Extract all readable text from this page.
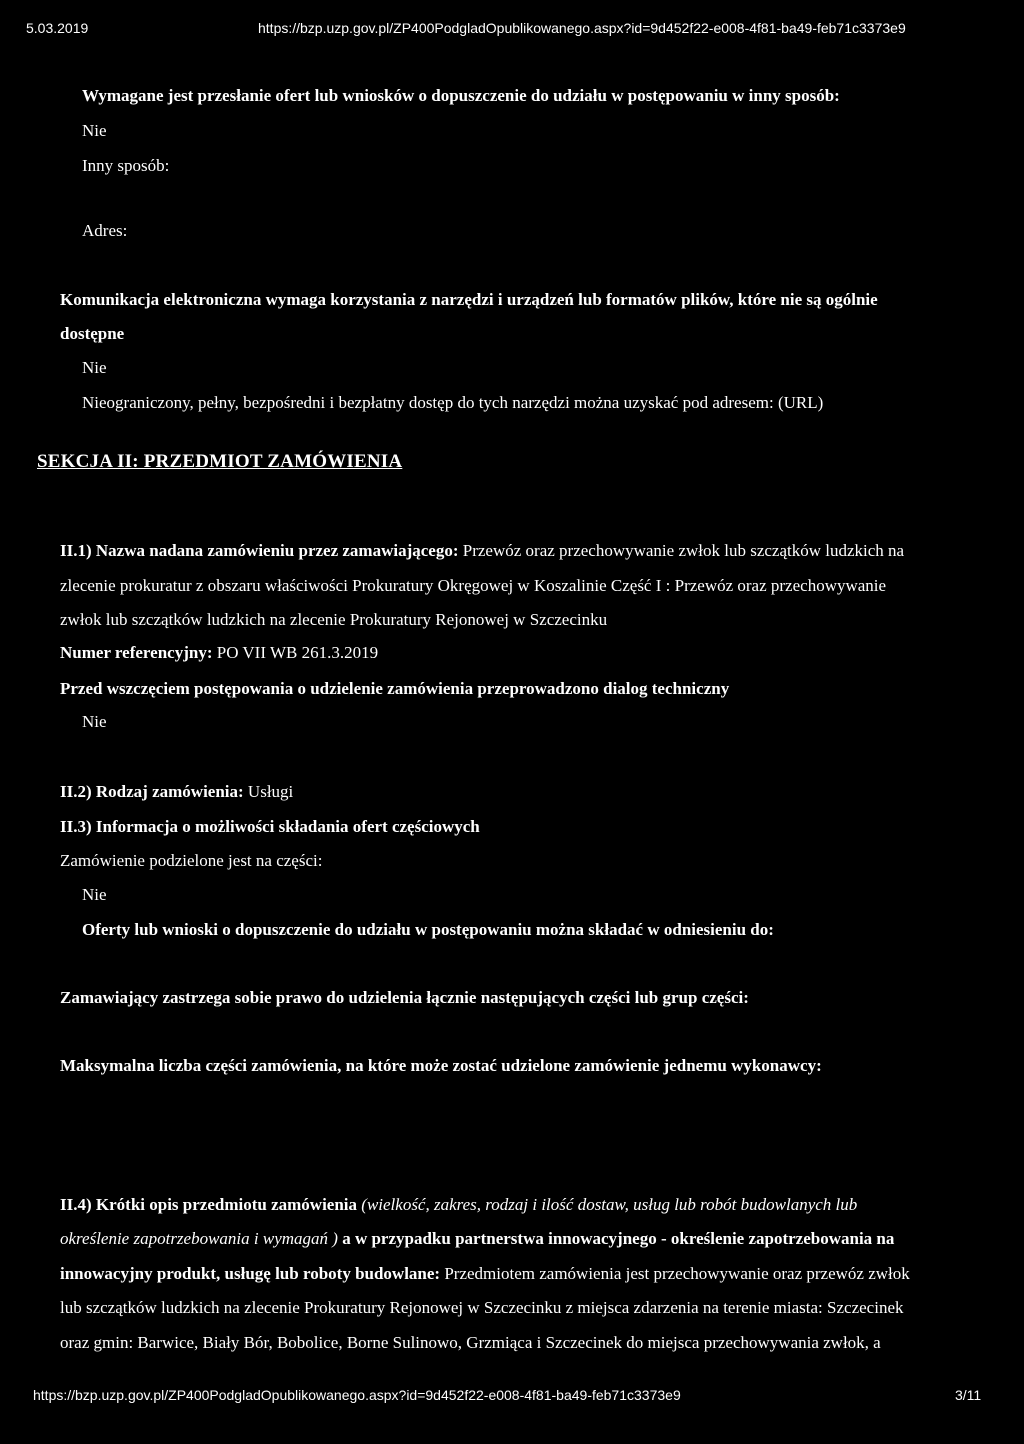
5.03.2019	https://bzp.uzp.gov.pl/ZP400PodgladOpublikowanego.aspx?id=9d452f22-e008-4f81-ba49-feb71c3373e9
Wymagane jest przesłanie ofert lub wniosków o dopuszczenie do udziału w postępowaniu w inny sposób:
Nie
Inny sposób:
Adres:
Komunikacja elektroniczna wymaga korzystania z narzędzi i urządzeń lub formatów plików, które nie są ogólnie
dostępne
Nie
Nieograniczony, pełny, bezpośredni i bezpłatny dostęp do tych narzędzi można uzyskać pod adresem: (URL)
SEKCJA II: PRZEDMIOT ZAMÓWIENIA
II.1) Nazwa nadana zamówieniu przez zamawiającego: Przewóz oraz przechowywanie zwłok lub szczątków ludzkich na
zlecenie prokuratur z obszaru właściwości Prokuratury Okręgowej w Koszalinie Część I : Przewóz oraz przechowywanie
zwłok lub szczątków ludzkich na zlecenie Prokuratury Rejonowej w Szczecinku
Numer referencyjny: PO VII WB 261.3.2019
Przed wszczęciem postępowania o udzielenie zamówienia przeprowadzono dialog techniczny
Nie
II.2) Rodzaj zamówienia: Usługi
II.3) Informacja o możliwości składania ofert częściowych
Zamówienie podzielone jest na części:
Nie
Oferty lub wnioski o dopuszczenie do udziału w postępowaniu można składać w odniesieniu do:
Zamawiający zastrzega sobie prawo do udzielenia łącznie następujących części lub grup części:
Maksymalna liczba części zamówienia, na które może zostać udzielone zamówienie jednemu wykonawcy:
II.4) Krótki opis przedmiotu zamówienia (wielkość, zakres, rodzaj i ilość dostaw, usług lub robót budowlanych lub
określenie zapotrzebowania i wymagań ) a w przypadku partnerstwa innowacyjnego - określenie zapotrzebowania na
innowacyjny produkt, usługę lub roboty budowlane: Przedmiotem zamówienia jest przechowywanie oraz przewóz zwłok
lub szczątków ludzkich na zlecenie Prokuratury Rejonowej w Szczecinku z miejsca zdarzenia na terenie miasta: Szczecinek
oraz gmin: Barwice, Biały Bór, Bobolice, Borne Sulinowo, Grzmiąca i Szczecinek do miejsca przechowywania zwłok, a
https://bzp.uzp.gov.pl/ZP400PodgladOpublikowanego.aspx?id=9d452f22-e008-4f81-ba49-feb71c3373e9	3/11
